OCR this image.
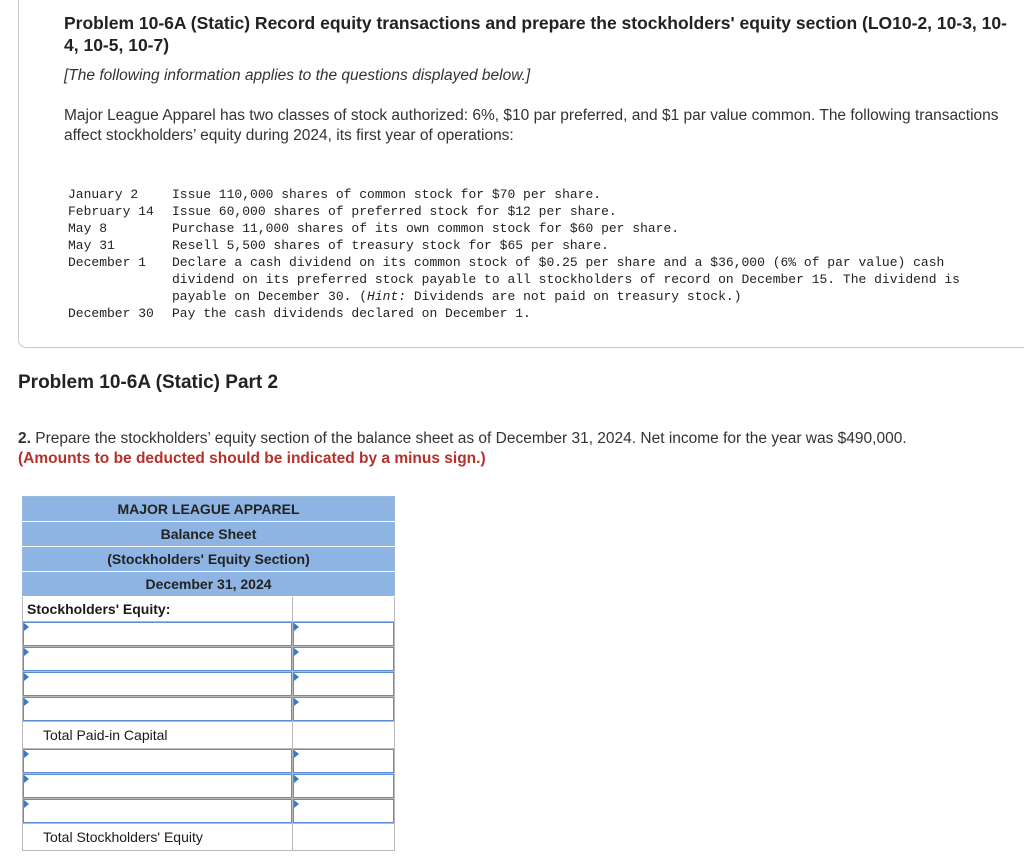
Problem 10-6A (Static) Record equity transactions and prepare the stockholders' equity section (LO10-2, 10-3, 10-4, 10-5, 10-7)
[The following information applies to the questions displayed below.]
Major League Apparel has two classes of stock authorized: 6%, $10 par preferred, and $1 par value common. The following transactions affect stockholders’ equity during 2024, its first year of operations:
January 2	Issue 110,000 shares of common stock for $70 per share.
February 14	Issue 60,000 shares of preferred stock for $12 per share.
May 8	Purchase 11,000 shares of its own common stock for $60 per share.
May 31	Resell 5,500 shares of treasury stock for $65 per share.
December 1	Declare a cash dividend on its common stock of $0.25 per share and a $36,000 (6% of par value) cash dividend on its preferred stock payable to all stockholders of record on December 15. The dividend is payable on December 30. (Hint: Dividends are not paid on treasury stock.)
December 30	Pay the cash dividends declared on December 1.
Problem 10-6A (Static) Part 2
2. Prepare the stockholders’ equity section of the balance sheet as of December 31, 2024. Net income for the year was $490,000.
(Amounts to be deducted should be indicated by a minus sign.)
MAJOR LEAGUE APPAREL	
Balance Sheet	
(Stockholders' Equity Section)	
December 31, 2024	
Stockholders' Equity:	

Total Paid-in Capital	

Total Stockholders' Equity	
